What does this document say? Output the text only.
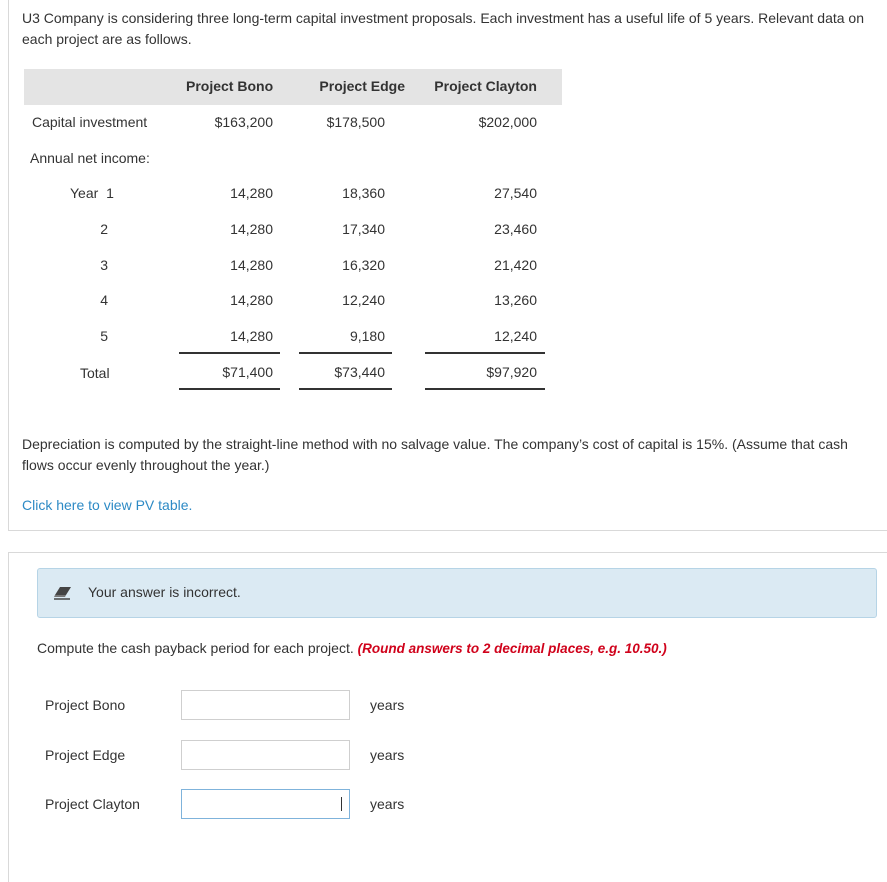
U3 Company is considering three long-term capital investment proposals. Each investment has a useful life of 5 years. Relevant data on each project are as follows.
Project Bono	Project Edge	Project Clayton
Capital investment	$163,200	$178,500	$202,000
Annual net income:
Year  1	14,280	18,360	27,540
2	14,280	17,340	23,460
3	14,280	16,320	21,420
4	14,280	12,240	13,260
5	14,280	9,180	12,240
Total	$71,400	$73,440	$97,920
Depreciation is computed by the straight-line method with no salvage value. The company’s cost of capital is 15%. (Assume that cash flows occur evenly throughout the year.)
Click here to view PV table.
Your answer is incorrect.
Compute the cash payback period for each project. (Round answers to 2 decimal places, e.g. 10.50.)
Project Bono	years
Project Edge	years
Project Clayton	years
